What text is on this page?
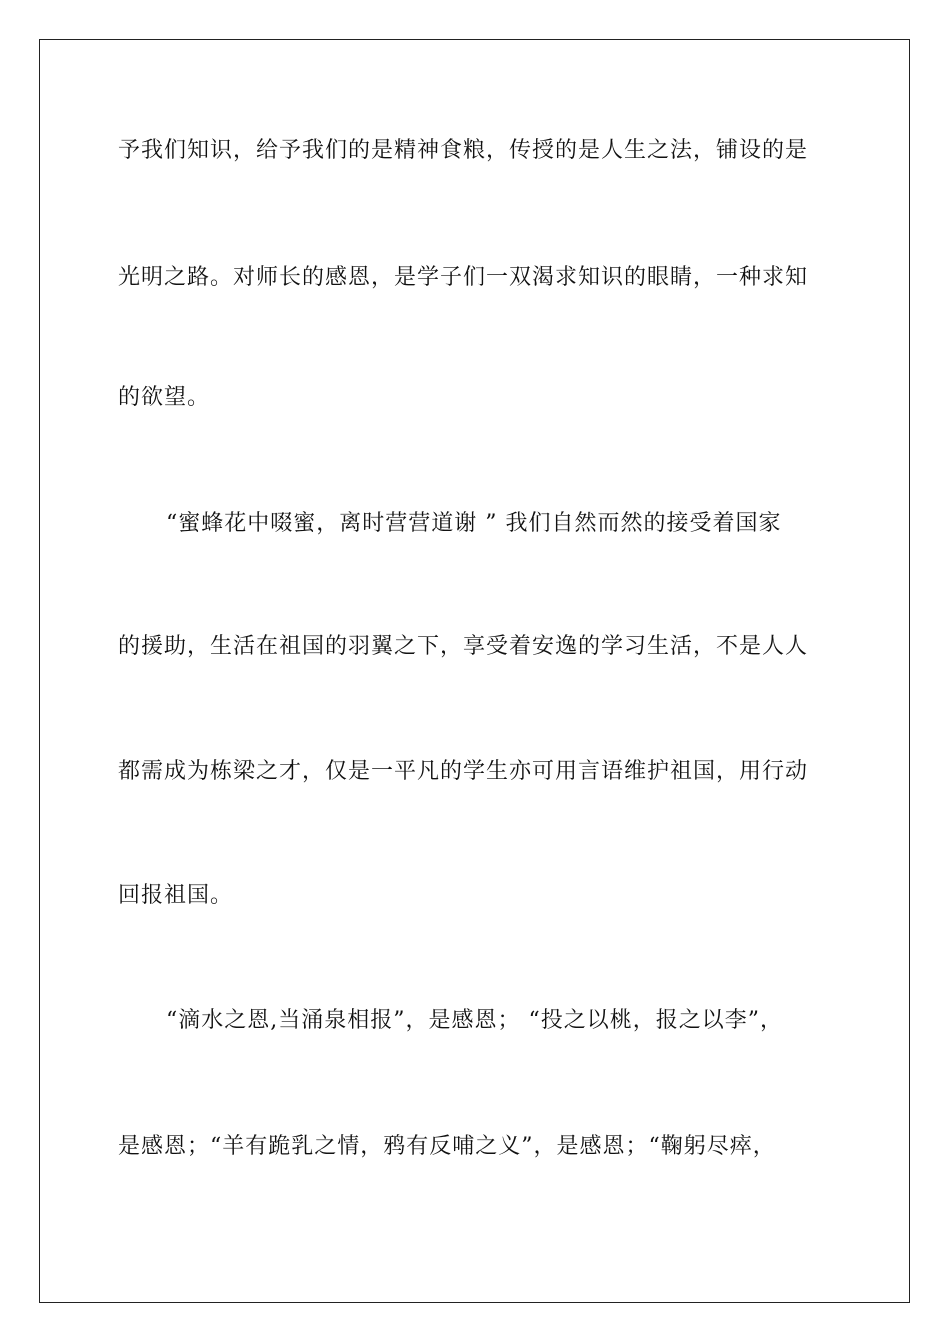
予我们知识，给予我们的是精神食粮，传授的是人生之法，铺设的是
光明之路。对师长的感恩，是学子们一双渴求知识的眼睛，一种求知
的欲望。
“蜜蜂花中啜蜜，离时营营道谢 ” 我们自然而然的接受着国家
的援助，生活在祖国的羽翼之下，享受着安逸的学习生活，不是人人
都需成为栋梁之才，仅是一平凡的学生亦可用言语维护祖国，用行动
回报祖国。
“滴水之恩,当涌泉相报”，是感恩； “投之以桃，报之以李”，
是感恩；“羊有跪乳之情，鸦有反哺之义”，是感恩；“鞠躬尽瘁，
